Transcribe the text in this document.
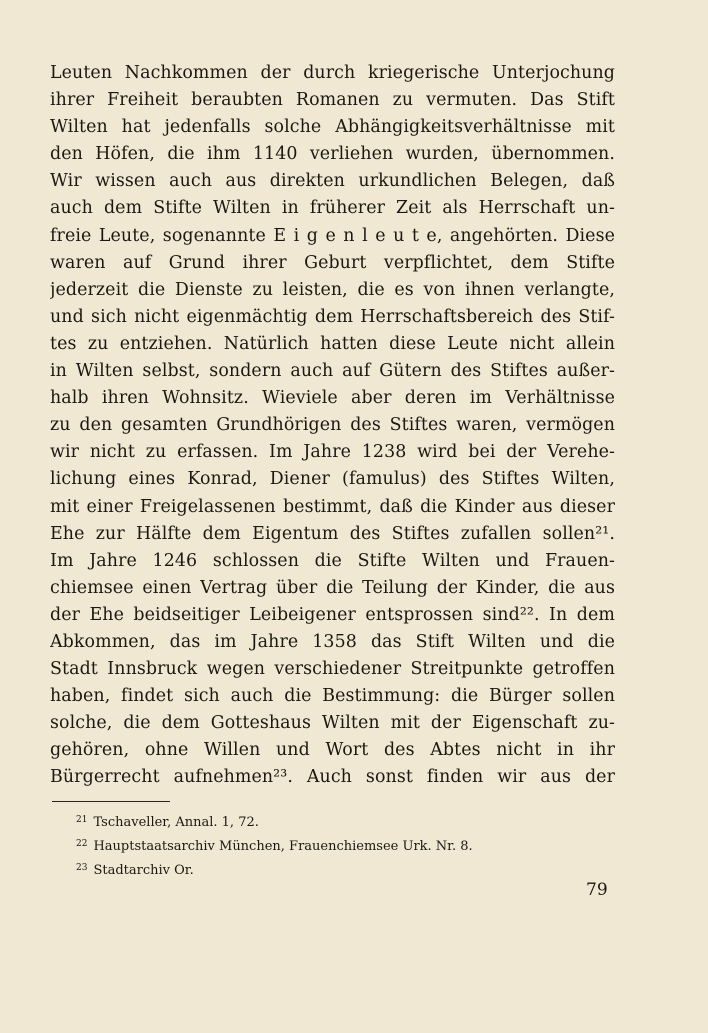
Leuten Nachkommen der durch kriegerische Unterjochung
ihrer Freiheit beraubten Romanen zu vermuten. Das Stift
Wilten hat jedenfalls solche Abhängigkeitsverhältnisse mit
den Höfen, die ihm 1140 verliehen wurden, übernommen.
Wir wissen auch aus direkten urkundlichen Belegen, daß
auch dem Stifte Wilten in früherer Zeit als Herrschaft un-
freie Leute, sogenannte E i g e n l e u t e, angehörten. Diese
waren auf Grund ihrer Geburt verpflichtet, dem Stifte
jederzeit die Dienste zu leisten, die es von ihnen verlangte,
und sich nicht eigenmächtig dem Herrschaftsbereich des Stif-
tes zu entziehen. Natürlich hatten diese Leute nicht allein
in Wilten selbst, sondern auch auf Gütern des Stiftes außer-
halb ihren Wohnsitz. Wieviele aber deren im Verhältnisse
zu den gesamten Grundhörigen des Stiftes waren, vermögen
wir nicht zu erfassen. Im Jahre 1238 wird bei der Verehe-
lichung eines Konrad, Diener (famulus) des Stiftes Wilten,
mit einer Freigelassenen bestimmt, daß die Kinder aus dieser
Ehe zur Hälfte dem Eigentum des Stiftes zufallen sollen²¹.
Im Jahre 1246 schlossen die Stifte Wilten und Frauen-
chiemsee einen Vertrag über die Teilung der Kinder, die aus
der Ehe beidseitiger Leibeigener entsprossen sind²². In dem
Abkommen, das im Jahre 1358 das Stift Wilten und die
Stadt Innsbruck wegen verschiedener Streitpunkte getroffen
haben, findet sich auch die Bestimmung: die Bürger sollen
solche, die dem Gotteshaus Wilten mit der Eigenschaft zu-
gehören, ohne Willen und Wort des Abtes nicht in ihr
Bürgerrecht aufnehmen²³. Auch sonst finden wir aus der
$^{21}$ Tschaveller, Annal. 1, 72.
$^{22}$ Hauptstaatsarchiv München, Frauenchiemsee Urk. Nr. 8.
$^{23}$ Stadtarchiv Or.
79
